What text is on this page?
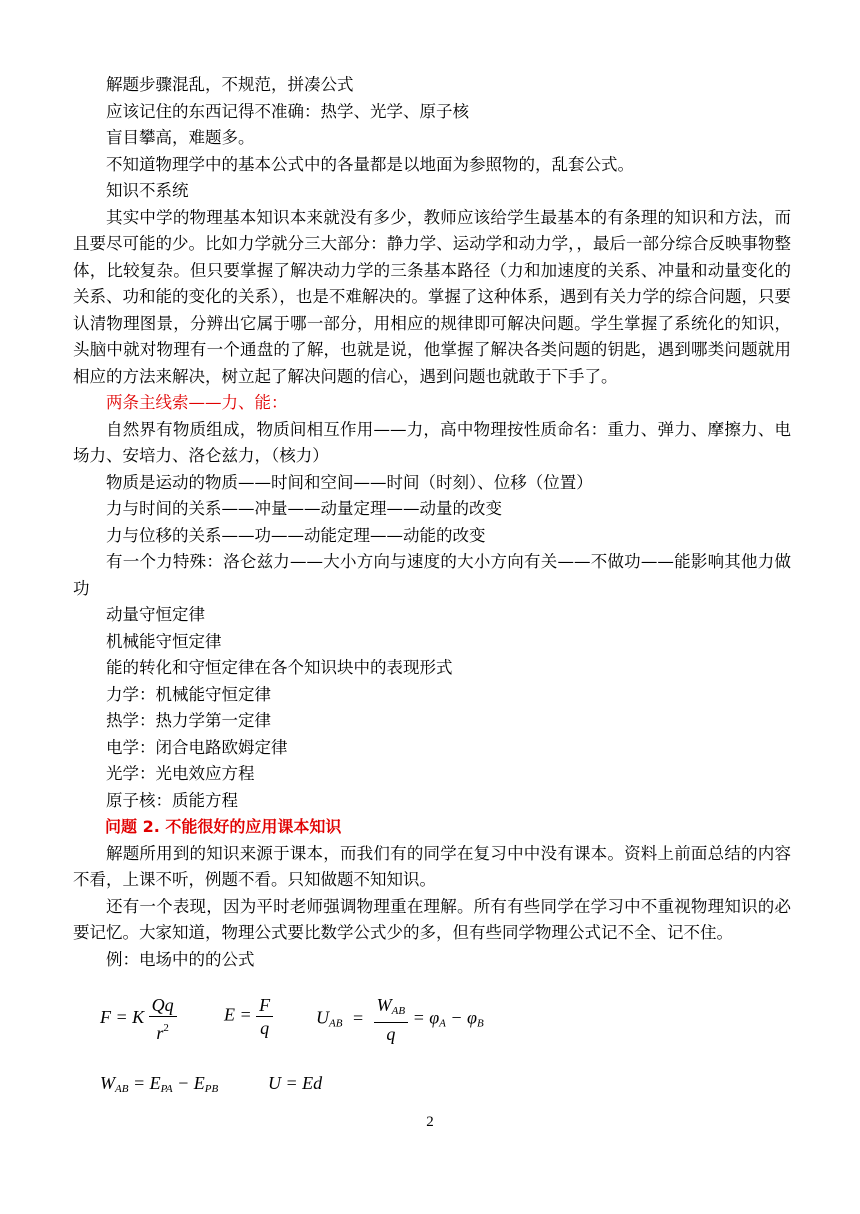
解题步骤混乱，不规范，拼凑公式

应该记住的东西记得不准确：热学、光学、原子核

盲目攀高，难题多。

不知道物理学中的基本公式中的各量都是以地面为参照物的，乱套公式。

知识不系统

其实中学的物理基本知识本来就没有多少，教师应该给学生最基本的有条理的知识和方法，而且要尽可能的少。比如力学就分三大部分：静力学、运动学和动力学，，最后一部分综合反映事物整体，比较复杂。但只要掌握了解决动力学的三条基本路径（力和加速度的关系、冲量和动量变化的关系、功和能的变化的关系），也是不难解决的。掌握了这种体系，遇到有关力学的综合问题，只要认清物理图景，分辨出它属于哪一部分，用相应的规律即可解决问题。学生掌握了系统化的知识，头脑中就对物理有一个通盘的了解，也就是说，他掌握了解决各类问题的钥匙，遇到哪类问题就用相应的方法来解决，树立起了解决问题的信心，遇到问题也就敢于下手了。

两条主线索——力、能：

自然界有物质组成，物质间相互作用——力，高中物理按性质命名：重力、弹力、摩擦力、电场力、安培力、洛仑兹力，（核力）

物质是运动的物质——时间和空间——时间（时刻）、位移（位置）

力与时间的关系——冲量——动量定理——动量的改变

力与位移的关系——功——动能定理——动能的改变

有一个力特殊：洛仑兹力——大小方向与速度的大小方向有关——不做功——能影响其他力做功

动量守恒定律

机械能守恒定律

能的转化和守恒定律在各个知识块中的表现形式

力学：机械能守恒定律

热学：热力学第一定律

电学：闭合电路欧姆定律

光学：光电效应方程

原子核：质能方程

问题 2. 不能很好的应用课本知识

解题所用到的知识来源于课本，而我们有的同学在复习中中没有课本。资料上前面总结的内容不看，上课不听，例题不看。只知做题不知知识。

还有一个表现，因为平时老师强调物理重在理解。所有有些同学在学习中不重视物理知识的必要记忆。大家知道，物理公式要比数学公式少的多，但有些同学物理公式记不全、记不住。

例：电场中的的公式

F = K $\frac{Qq}{r^2}$	$E = \frac{F}{q} U_{AB} = \frac{W_{AB}}{q} = \varphi_A - \varphi_B$
$W_{AB} = E_{PA} - E_{PB}$	U = Ed
2
